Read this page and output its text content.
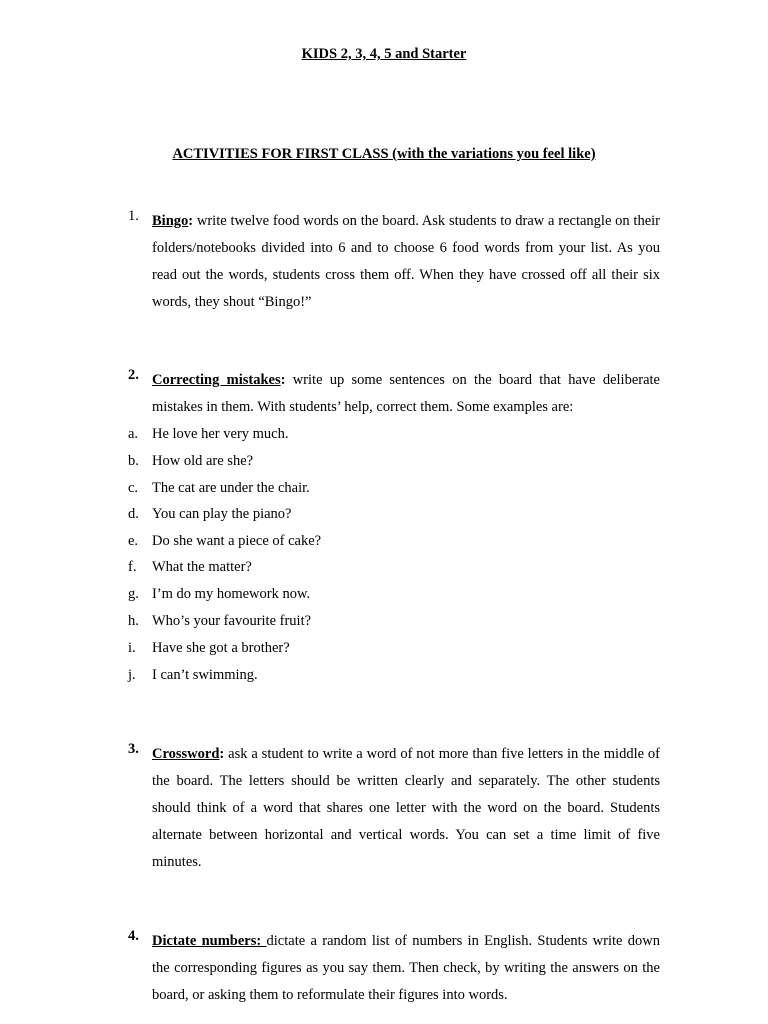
KIDS 2, 3, 4, 5 and Starter
ACTIVITIES FOR FIRST CLASS (with the variations you feel like)
1. Bingo: write twelve food words on the board. Ask students to draw a rectangle on their folders/notebooks divided into 6 and to choose 6 food words from your list. As you read out the words, students cross them off. When they have crossed off all their six words, they shout “Bingo!”
2. Correcting mistakes: write up some sentences on the board that have deliberate mistakes in them. With students’ help, correct them. Some examples are:
a. He love her very much.
b. How old are she?
c. The cat are under the chair.
d. You can play the piano?
e. Do she want a piece of cake?
f.	What the matter?
g. I’m do my homework now.
h. Who’s your favourite fruit?
i.	Have she got a brother?
j.	I can’t swimming.
3. Crossword: ask a student to write a word of not more than five letters in the middle of the board. The letters should be written clearly and separately. The other students should think of a word that shares one letter with the word on the board. Students alternate between horizontal and vertical words. You can set a time limit of five minutes.
4. Dictate numbers: dictate a random list of numbers in English. Students write down the corresponding figures as you say them. Then check, by writing the answers on the board, or asking them to reformulate their figures into words.
